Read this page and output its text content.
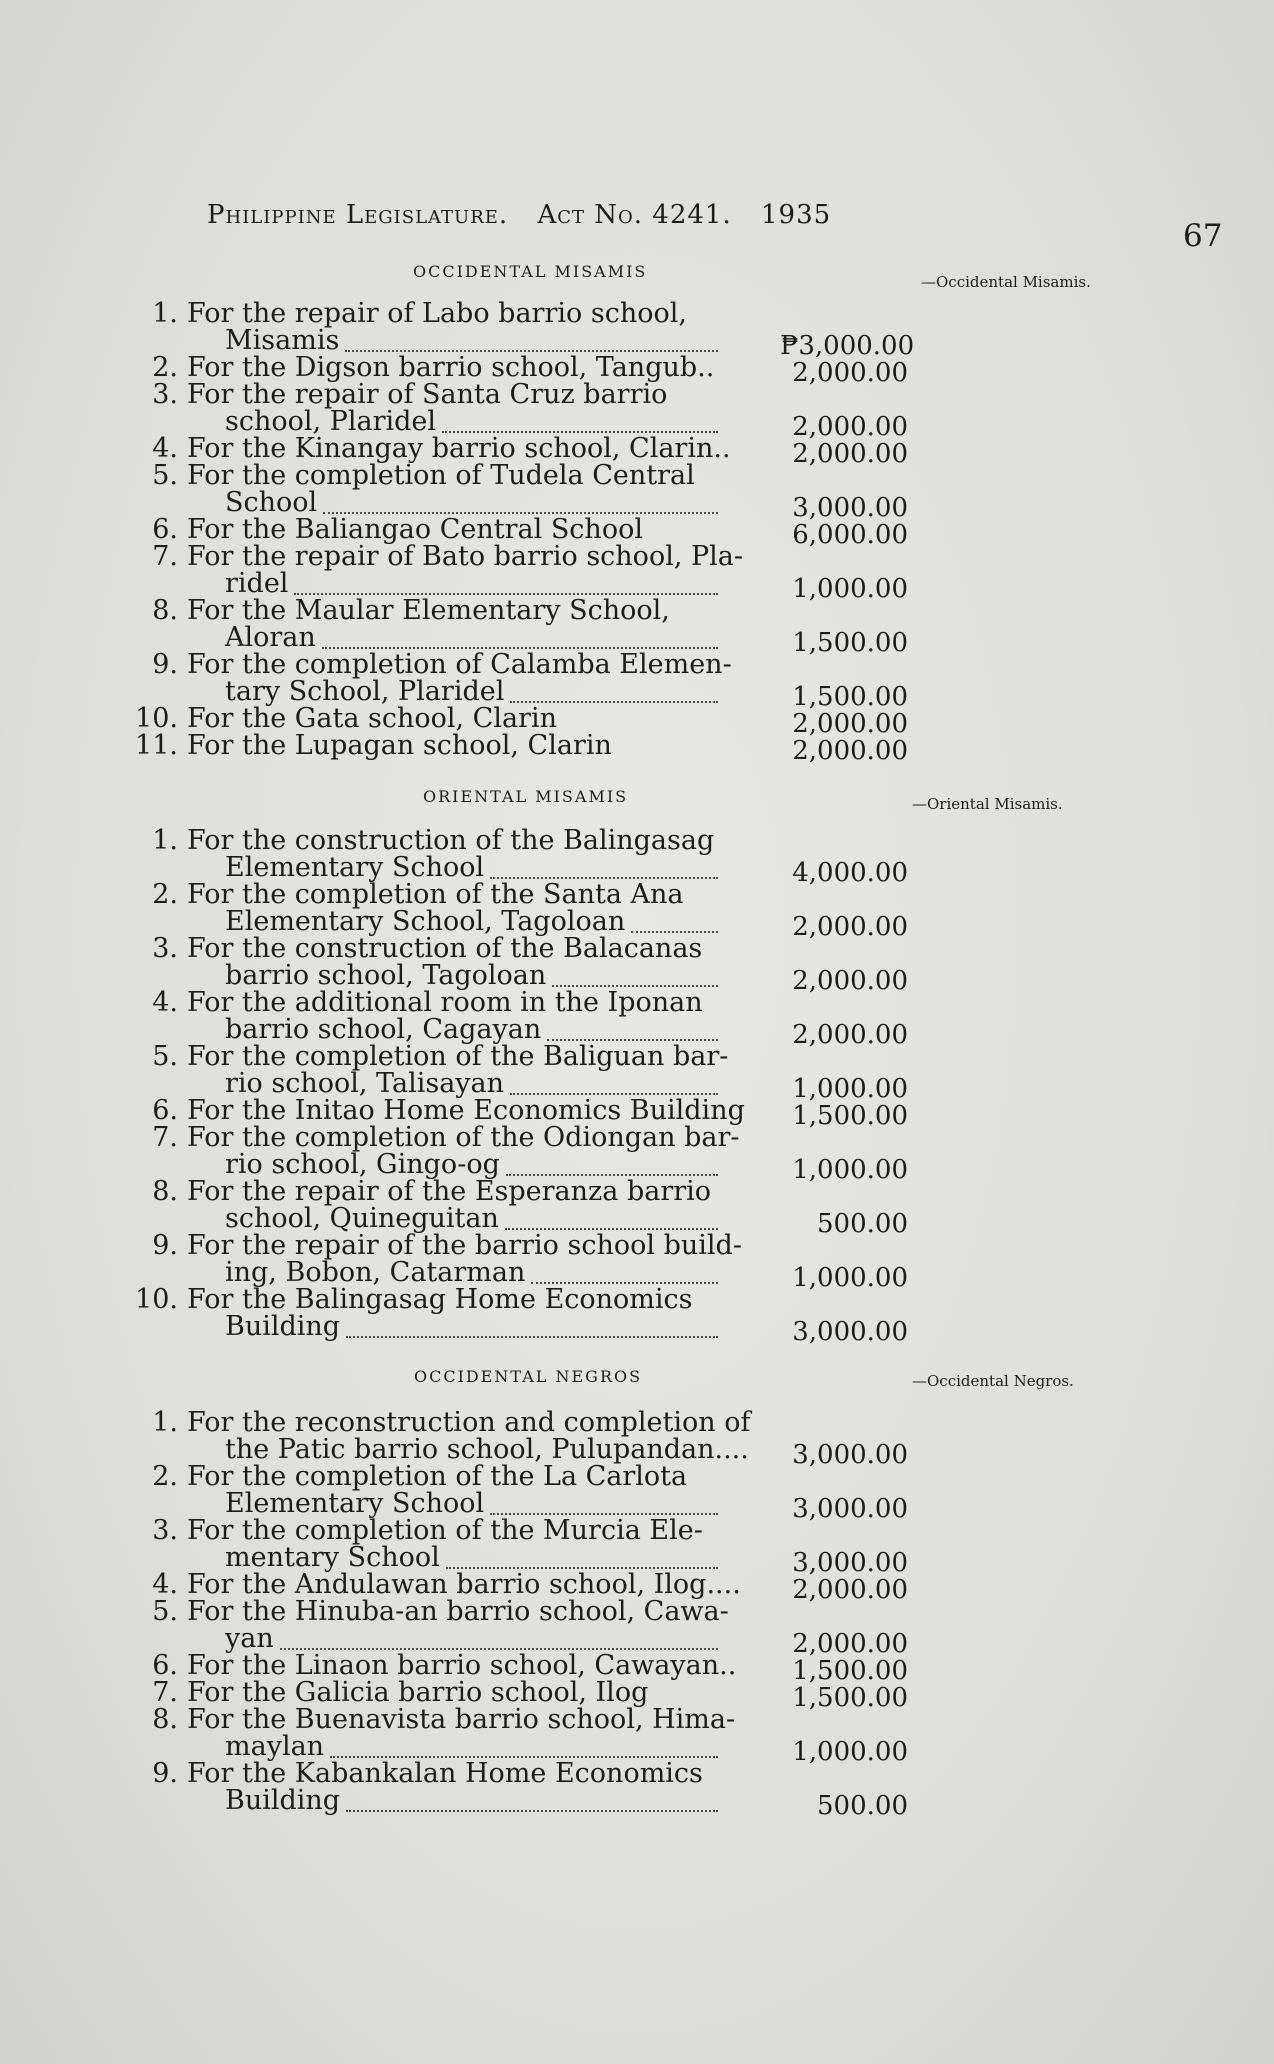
Philippine Legislature. Act No. 4241. 1935
67
OCCIDENTAL MISAMIS
—Occidental Misamis.
1. For the repair of Labo barrio school,
Misamis	₱3,000.00
2. For the Digson barrio school, Tangub..	2,000.00
3. For the repair of Santa Cruz barrio
school, Plaridel	2,000.00
4. For the Kinangay barrio school, Clarin..	2,000.00
5. For the completion of Tudela Central
School	3,000.00
6. For the Baliangao Central School	6,000.00
7. For the repair of Bato barrio school, Pla-
ridel	1,000.00
8. For the Maular Elementary School,
Aloran	1,500.00
9. For the completion of Calamba Elemen-
tary School, Plaridel	1,500.00
10. For the Gata school, Clarin	2,000.00
11. For the Lupagan school, Clarin	2,000.00
ORIENTAL MISAMIS	—Oriental Misamis.
1. For the construction of the Balingasag
Elementary School	4,000.00
2. For the completion of the Santa Ana
Elementary School, Tagoloan	2,000.00
3. For the construction of the Balacanas
barrio school, Tagoloan	2,000.00
4. For the additional room in the Iponan
barrio school, Cagayan	2,000.00
5. For the completion of the Baliguan bar-
rio school, Talisayan	1,000.00
6. For the Initao Home Economics Building	1,500.00
7. For the completion of the Odiongan bar-
rio school, Gingo-og	1,000.00
8. For the repair of the Esperanza barrio
school, Quineguitan	500.00
9. For the repair of the barrio school build-
ing, Bobon, Catarman	1,000.00
10. For the Balingasag Home Economics
Building	3,000.00
OCCIDENTAL NEGROS	—Occidental Negros.
1. For the reconstruction and completion of
the Patic barrio school, Pulupandan....	3,000.00
2. For the completion of the La Carlota
Elementary School	3,000.00
3. For the completion of the Murcia Ele-
mentary School	3,000.00
4. For the Andulawan barrio school, Ilog....	2,000.00
5. For the Hinuba-an barrio school, Cawa-
yan	2,000.00
6. For the Linaon barrio school, Cawayan..	1,500.00
7. For the Galicia barrio school, Ilog	1,500.00
8. For the Buenavista barrio school, Hima-
maylan	1,000.00
9. For the Kabankalan Home Economics
Building	500.00
